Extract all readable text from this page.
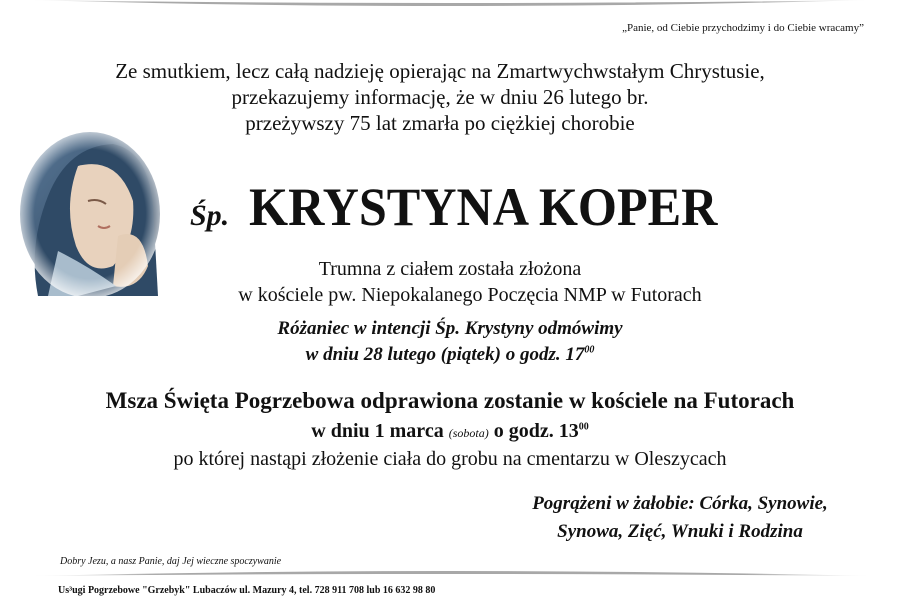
„Panie, od Ciebie przychodzimy i do Ciebie wracamy”
Ze smutkiem, lecz całą nadzieję opierając na Zmartwychwstałym Chrystusie,
przekazujemy informację, że w dniu 26 lutego br.
przeżywszy 75 lat zmarła po ciężkiej chorobie
Śp. KRYSTYNA KOPER
Trumna z ciałem została złożona
w kościele pw. Niepokalanego Poczęcia NMP w Futorach
Różaniec w intencji Śp. Krystyny odmówimy
w dniu 28 lutego (piątek) o godz. $17^{00}$
Msza Święta Pogrzebowa odprawiona zostanie w kościele na Futorach
w dniu 1 marca (sobota) o godz. $13^{00}$
po której nastąpi złożenie ciała do grobu na cmentarzu w Oleszycach
Pogrążeni w żałobie: Córka, Synowie,
Synowa, Zięć, Wnuki i Rodzina
Dobry Jezu, a nasz Panie, daj Jej wieczne spoczywanie
Us³ugi Pogrzebowe "Grzebyk" Lubaczów ul. Mazury 4, tel. 728 911 708 lub 16 632 98 80
